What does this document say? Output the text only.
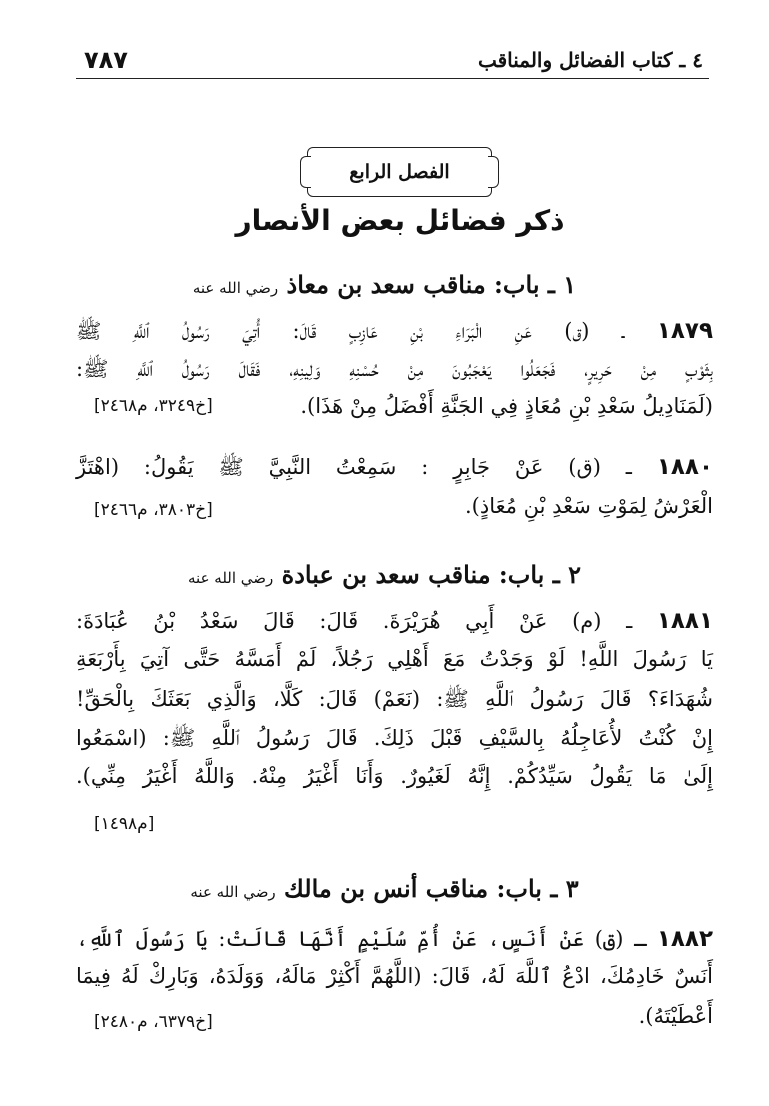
٧٨٧	٤ ـ كتاب الفضائل والمناقب
الفصل الرابع
ذكر فضائل بعض الأنصار
١ ـ باب: مناقب سعد بن معاذ رضي الله عنه
١٨٧٩ ـ (ق) عَنِ الْبَرَاءِ بْنِ عَازِبٍ قَالَ: أُتِيَ رَسُولُ ٱللَّهِ ﷺ
بِثَوْبٍ مِنْ حَرِيرٍ، فَجَعَلُوا يَعْجَبُونَ مِنْ حُسْنِهِ وَلِينِهِ، فَقَالَ رَسُولُ ٱللَّهِ ﷺ:
(لَمَنَادِيلُ سَعْدِ بْنِ مُعَاذٍ فِي الجَنَّةِ أَفْضَلُ مِنْ هَذَا).
[خ٣٢٤٩، م٢٤٦٨]
١٨٨٠ ـ (ق) عَنْ جَابِرٍ : سَمِعْتُ النَّبِيَّ ﷺ يَقُولُ: (اهْتَزَّ
الْعَرْشُ لِمَوْتِ سَعْدِ بْنِ مُعَاذٍ).
[خ٣٨٠٣، م٢٤٦٦]
٢ ـ باب: مناقب سعد بن عبادة رضي الله عنه
١٨٨١ ـ (م) عَنْ أَبِي هُرَيْرَةَ. قَالَ: قَالَ سَعْدُ بْنُ عُبَادَةَ:
يَا رَسُولَ اللَّهِ! لَوْ وَجَدْتُ مَعَ أَهْلِي رَجُلاً، لَمْ أَمَسَّهُ حَتَّى آتِيَ بِأَرْبَعَةِ
شُهَدَاءَ؟ قَالَ رَسُولُ ٱللَّهِ ﷺ: (نَعَمْ) قَالَ: كَلَّا، وَالَّذِي بَعَثَكَ بِالْحَقِّ!
إِنْ كُنْتُ لأُعَاجِلُهُ بِالسَّيْفِ قَبْلَ ذَلِكَ. قَالَ رَسُولُ ٱللَّهِ ﷺ: (اسْمَعُوا
إِلَىٰ مَا يَقُولُ سَيِّدُكُمْ. إِنَّهُ لَغَيُورٌ. وَأَنَا أَغْيَرُ مِنْهُ. وَاللَّهُ أَغْيَرُ مِنِّي).
[م١٤٩٨]
٣ ـ باب: مناقب أنس بن مالك رضي الله عنه
١٨٨٢ ـ (ق) عَنْ أَنَسٍ، عَنْ أُمِّ سُلَيْمٍ أَنَّهَا قَالَتْ: يَا رَسُولَ ٱللَّهِ،
أَنَسٌ خَادِمُكَ، ادْعُ ٱللَّهَ لَهُ، قَالَ: (اللَّهُمَّ أَكْثِرْ مَالَهُ، وَوَلَدَهُ، وَبَارِكْ لَهُ فِيمَا
أَعْطَيْتَهُ).
[خ٦٣٧٩، م٢٤٨٠]
